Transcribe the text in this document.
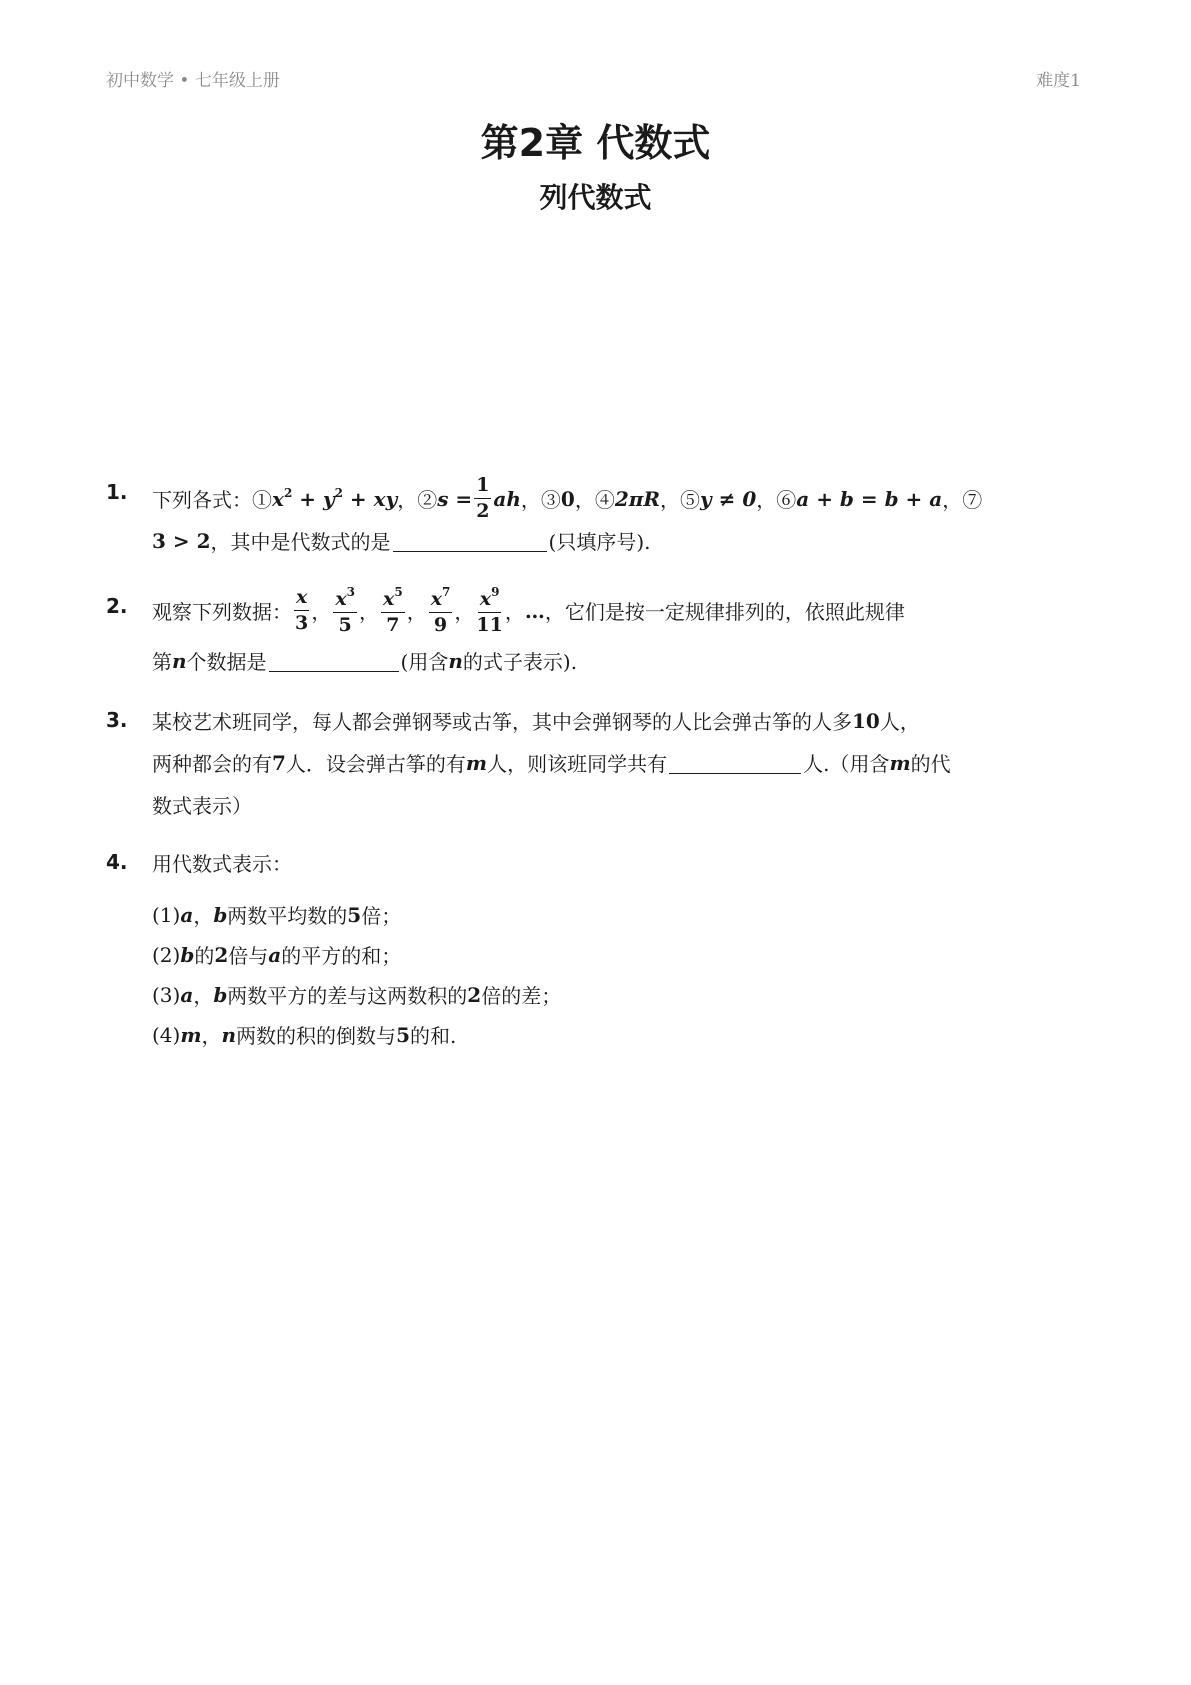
初中数学 • 七年级上册	难度1
第2章 代数式
列代数式
1. 下列各式：① $x^2 + y^2$ + xy ，② $s = \frac{1}{2}$ ah ，③ 0 ，④ 2πR ，⑤ y ≠ 0 ，⑥ a + b = b + a ，⑦
3 > 2 ，其中是代数式的是	(只填序号).
2. 观察下列数据： $\frac{x}{3}$ ， $\frac{x^3}{5}$ ， $\frac{x^5}{7}$ ， $\frac{x^7}{9}$ ， $\frac{x^9}{11}$ ， … ，它们是按一定规律排列的，依照此规律
第 n 个数据是	(用含 n 的式子表示).
3. 某校艺术班同学，每人都会弹钢琴或古筝，其中会弹钢琴的人比会弹古筝的人多 10 人，
两种都会的有 7 人．设会弹古筝的有 m 人，则该班同学共有	人.（用含 m 的代
数式表示）
4. 用代数式表示：
(1) a ， b 两数平均数的 5 倍；
(2) b 的 2 倍与 a 的平方的和；
(3) a ， b 两数平方的差与这两数积的 2 倍的差；
(4) m ， n 两数的积的倒数与 5 的和.
